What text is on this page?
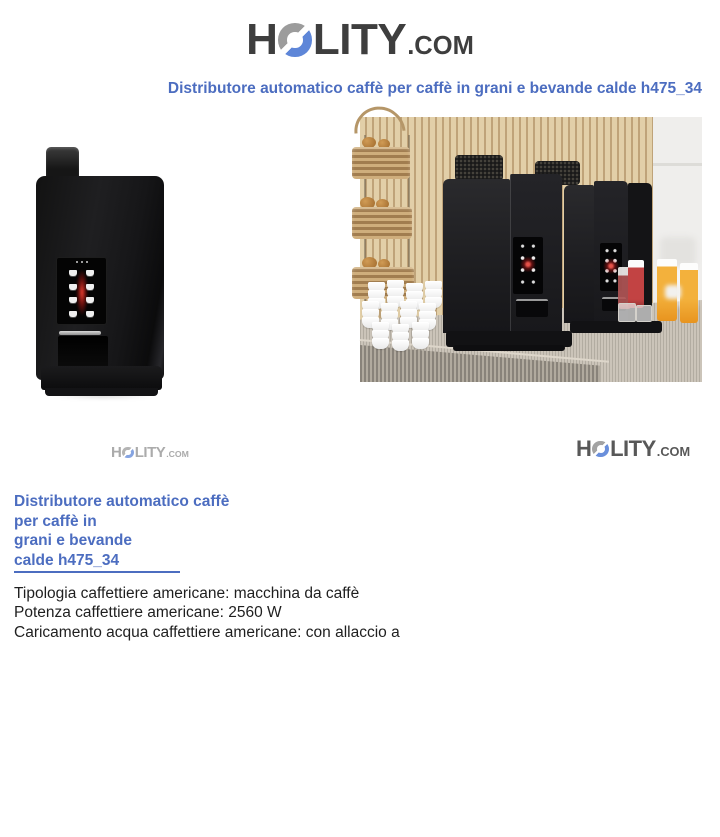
H LITY .COM
Distributore automatico caffè per caffè in grani e bevande calde h475_34
H LITY .COM	H LITY .COM
Distributore automatico caffè
per caffè in
grani e bevande
calde h475_34
Tipologia caffettiere americane: macchina da caffè
Potenza caffettiere americane: 2560 W
Caricamento acqua caffettiere americane: con allaccio a
